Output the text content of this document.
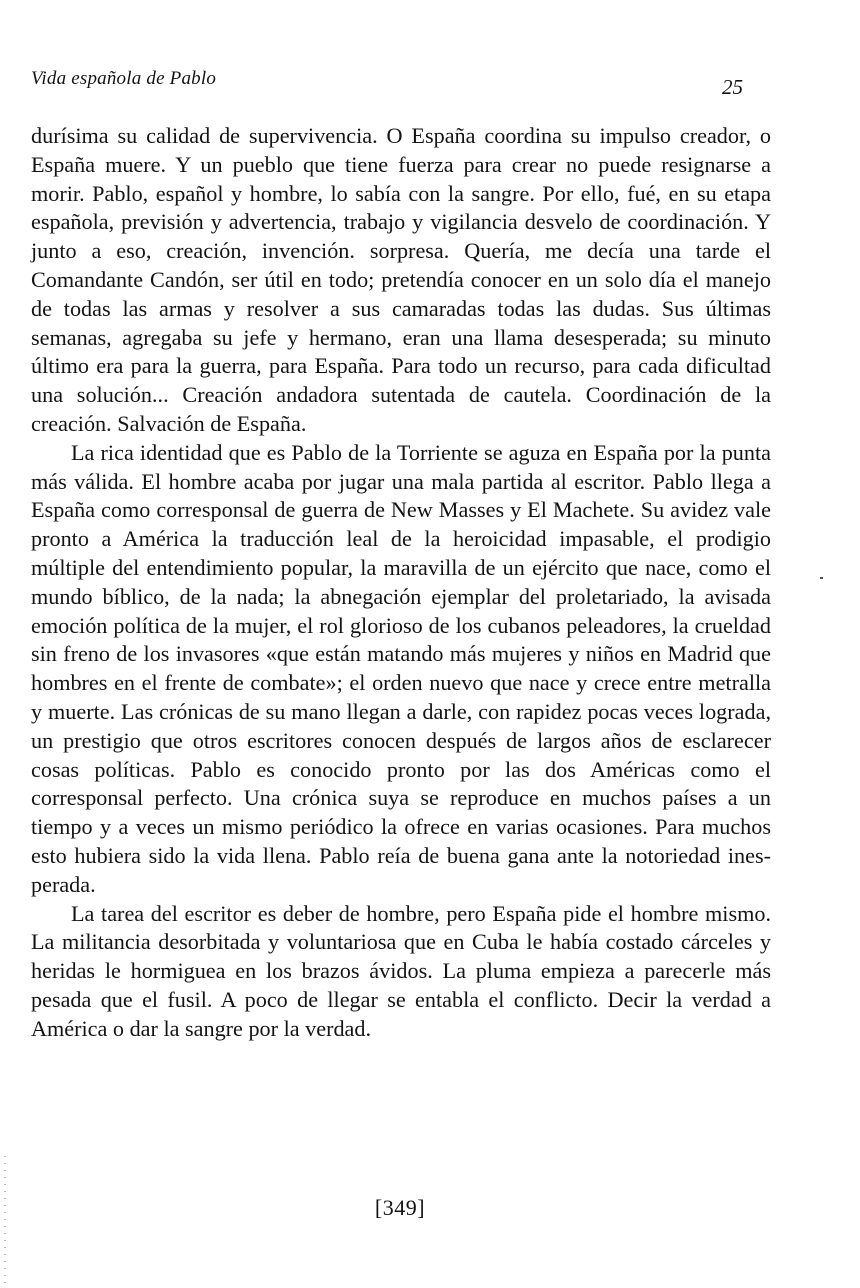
Vida española de Pablo	25

durísima su calidad de supervivencia. O España coordina su impulso creador, o España muere. Y un pueblo que tiene fuerza para crear no puede resignarse a morir. Pablo, español y hombre, lo sabía con la sangre. Por ello, fué, en su etapa española, previsión y advertencia, trabajo y vigilancia desvelo de coordinación. Y junto a eso, creación, invención. sorpresa. Quería, me decía una tarde el Comandante Candón, ser útil en todo; pretendía conocer en un solo día el manejo de todas las armas y resolver a sus camaradas todas las dudas. Sus últimas semanas, agregaba su jefe y hermano, eran una llama desesperada; su minuto último era para la guerra, para España. Para todo un recurso, para cada dificultad una solución... Creación andadora sutentada de cautela. Coordinación de la creación. Salvación de España.

La rica identidad que es Pablo de la Torriente se aguza en España por la punta más válida. El hombre acaba por jugar una mala partida al escritor. Pablo llega a España como corresponsal de guerra de New Masses y El Machete. Su avidez vale pronto a América la traducción leal de la heroicidad impasable, el prodigio múltiple del entendimiento popular, la maravilla de un ejército que nace, como el mundo bíblico, de la nada; la abnegación ejemplar del proletariado, la avisada emoción política de la mujer, el rol glorioso de los cubanos peleadores, la crueldad sin freno de los invasores «que están matando más mujeres y niños en Madrid que hombres en el frente de combate»; el orden nuevo que nace y crece entre metralla y muerte. Las crónicas de su mano llegan a darle, con rapidez pocas veces lograda, un prestigio que otros escritores conocen después de largos años de esclarecer cosas políticas. Pablo es conocido pronto por las dos Américas como el corresponsal perfecto. Una crónica suya se reproduce en muchos países a un tiempo y a veces un mismo periódico la ofrece en varias ocasiones. Para muchos esto hubiera sido la vida llena. Pablo reía de buena gana ante la notoriedad inesperada.

La tarea del escritor es deber de hombre, pero España pide el hombre mismo. La militancia desorbitada y voluntariosa que en Cuba le había costado cárceles y heridas le hormiguea en los brazos ávidos. La pluma empieza a parecerle más pesada que el fusil. A poco de llegar se entabla el conflicto. Decir la verdad a América o dar la sangre por la verdad.

[349]
